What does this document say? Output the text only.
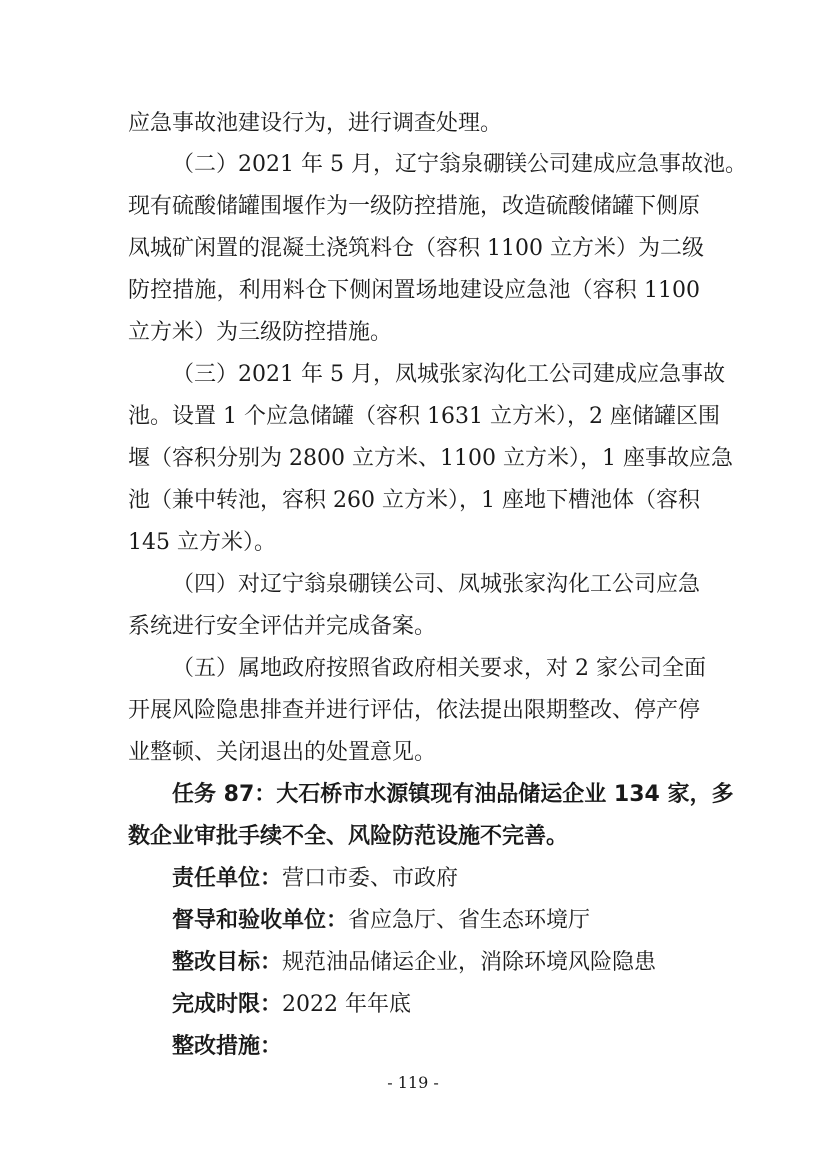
应急事故池建设行为，进行调查处理。

（二）2021 年 5 月，辽宁翁泉硼镁公司建成应急事故池。

现有硫酸储罐围堰作为一级防控措施，改造硫酸储罐下侧原

凤城矿闲置的混凝土浇筑料仓（容积 1100 立方米）为二级

防控措施，利用料仓下侧闲置场地建设应急池（容积 1100

立方米）为三级防控措施。

（三）2021 年 5 月，凤城张家沟化工公司建成应急事故

池。设置 1 个应急储罐（容积 1631 立方米），2 座储罐区围

堰（容积分别为 2800 立方米、1100 立方米），1 座事故应急

池（兼中转池，容积 260 立方米），1 座地下槽池体（容积

145 立方米）。

（四）对辽宁翁泉硼镁公司、凤城张家沟化工公司应急

系统进行安全评估并完成备案。

（五）属地政府按照省政府相关要求，对 2 家公司全面

开展风险隐患排查并进行评估，依法提出限期整改、停产停

业整顿、关闭退出的处置意见。

任务 87：大石桥市水源镇现有油品储运企业 134 家，多

数企业审批手续不全、风险防范设施不完善。

责任单位：营口市委、市政府

督导和验收单位：省应急厅、省生态环境厅

整改目标：规范油品储运企业，消除环境风险隐患

完成时限：2022 年年底

整改措施：

- 119 -
